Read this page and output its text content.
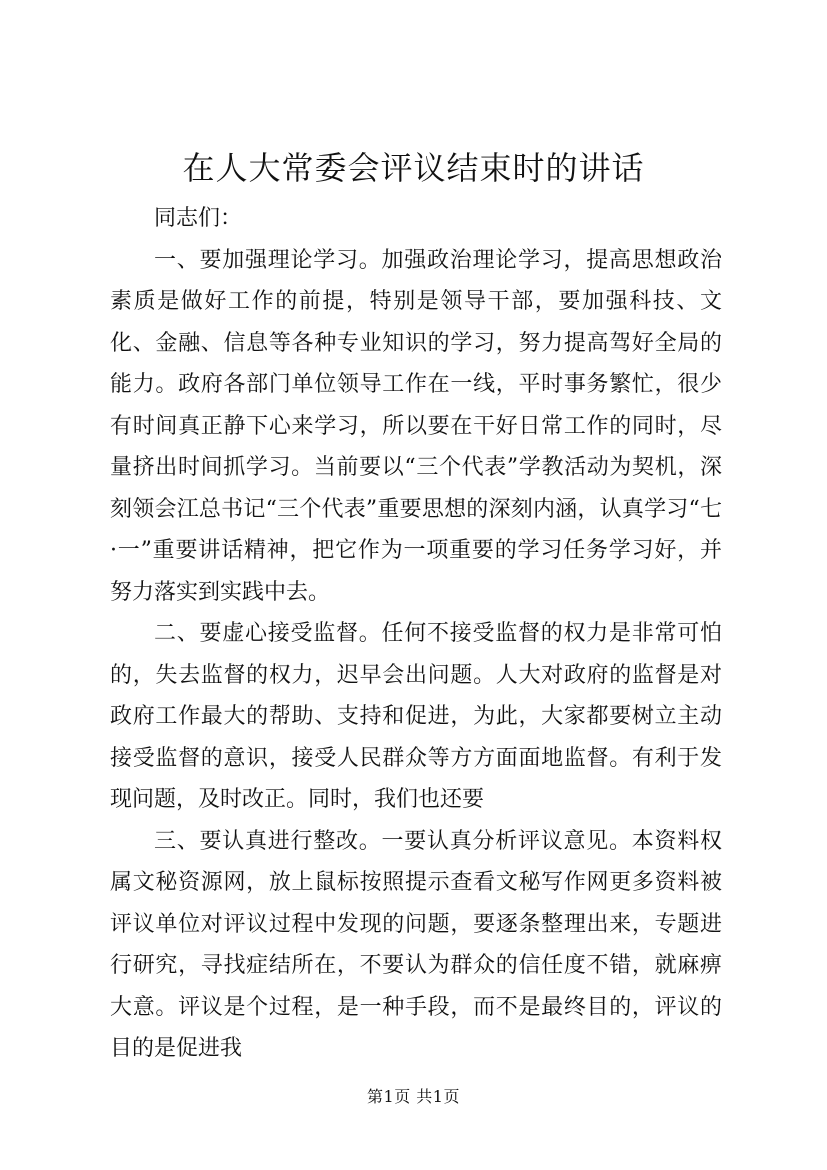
在人大常委会评议结束时的讲话

同志们：

一、要加强理论学习。加强政治理论学习，提高思想政治素质是做好工作的前提，特别是领导干部，要加强科技、文化、金融、信息等各种专业知识的学习，努力提高驾好全局的能力。政府各部门单位领导工作在一线，平时事务繁忙，很少有时间真正静下心来学习，所以要在干好日常工作的同时，尽量挤出时间抓学习。当前要以“三个代表”学教活动为契机，深刻领会江总书记“三个代表”重要思想的深刻内涵，认真学习“七·一”重要讲话精神，把它作为一项重要的学习任务学习好，并努力落实到实践中去。

二、要虚心接受监督。任何不接受监督的权力是非常可怕的，失去监督的权力，迟早会出问题。人大对政府的监督是对政府工作最大的帮助、支持和促进，为此，大家都要树立主动接受监督的意识，接受人民群众等方方面面地监督。有利于发现问题，及时改正。同时，我们也还要

三、要认真进行整改。一要认真分析评议意见。本资料权属文秘资源网，放上鼠标按照提示查看文秘写作网更多资料被评议单位对评议过程中发现的问题，要逐条整理出来，专题进行研究，寻找症结所在，不要认为群众的信任度不错，就麻痹大意。评议是个过程，是一种手段，而不是最终目的，评议的目的是促进我

第1页 共1页
